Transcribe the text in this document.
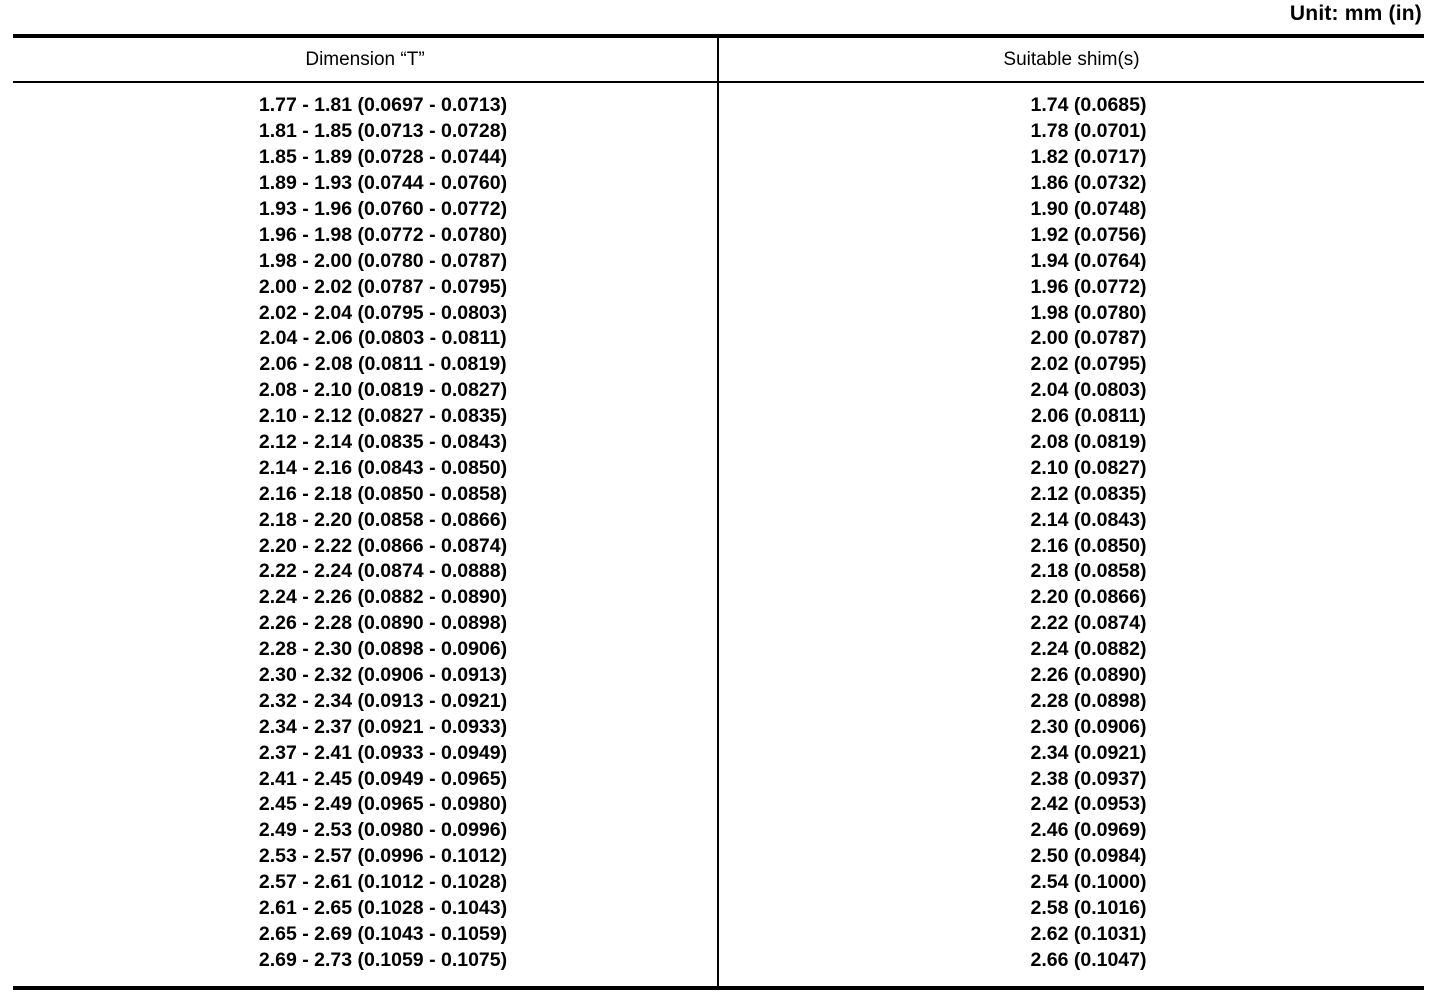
Unit: mm (in)
Dimension “T”	Suitable shim(s)
1.77 - 1.81 (0.0697 - 0.0713)	1.74 (0.0685)
1.81 - 1.85 (0.0713 - 0.0728)	1.78 (0.0701)
1.85 - 1.89 (0.0728 - 0.0744)	1.82 (0.0717)
1.89 - 1.93 (0.0744 - 0.0760)	1.86 (0.0732)
1.93 - 1.96 (0.0760 - 0.0772)	1.90 (0.0748)
1.96 - 1.98 (0.0772 - 0.0780)	1.92 (0.0756)
1.98 - 2.00 (0.0780 - 0.0787)	1.94 (0.0764)
2.00 - 2.02 (0.0787 - 0.0795)	1.96 (0.0772)
2.02 - 2.04 (0.0795 - 0.0803)	1.98 (0.0780)
2.04 - 2.06 (0.0803 - 0.0811)	2.00 (0.0787)
2.06 - 2.08 (0.0811 - 0.0819)	2.02 (0.0795)
2.08 - 2.10 (0.0819 - 0.0827)	2.04 (0.0803)
2.10 - 2.12 (0.0827 - 0.0835)	2.06 (0.0811)
2.12 - 2.14 (0.0835 - 0.0843)	2.08 (0.0819)
2.14 - 2.16 (0.0843 - 0.0850)	2.10 (0.0827)
2.16 - 2.18 (0.0850 - 0.0858)	2.12 (0.0835)
2.18 - 2.20 (0.0858 - 0.0866)	2.14 (0.0843)
2.20 - 2.22 (0.0866 - 0.0874)	2.16 (0.0850)
2.22 - 2.24 (0.0874 - 0.0888)	2.18 (0.0858)
2.24 - 2.26 (0.0882 - 0.0890)	2.20 (0.0866)
2.26 - 2.28 (0.0890 - 0.0898)	2.22 (0.0874)
2.28 - 2.30 (0.0898 - 0.0906)	2.24 (0.0882)
2.30 - 2.32 (0.0906 - 0.0913)	2.26 (0.0890)
2.32 - 2.34 (0.0913 - 0.0921)	2.28 (0.0898)
2.34 - 2.37 (0.0921 - 0.0933)	2.30 (0.0906)
2.37 - 2.41 (0.0933 - 0.0949)	2.34 (0.0921)
2.41 - 2.45 (0.0949 - 0.0965)	2.38 (0.0937)
2.45 - 2.49 (0.0965 - 0.0980)	2.42 (0.0953)
2.49 - 2.53 (0.0980 - 0.0996)	2.46 (0.0969)
2.53 - 2.57 (0.0996 - 0.1012)	2.50 (0.0984)
2.57 - 2.61 (0.1012 - 0.1028)	2.54 (0.1000)
2.61 - 2.65 (0.1028 - 0.1043)	2.58 (0.1016)
2.65 - 2.69 (0.1043 - 0.1059)	2.62 (0.1031)
2.69 - 2.73 (0.1059 - 0.1075)	2.66 (0.1047)
